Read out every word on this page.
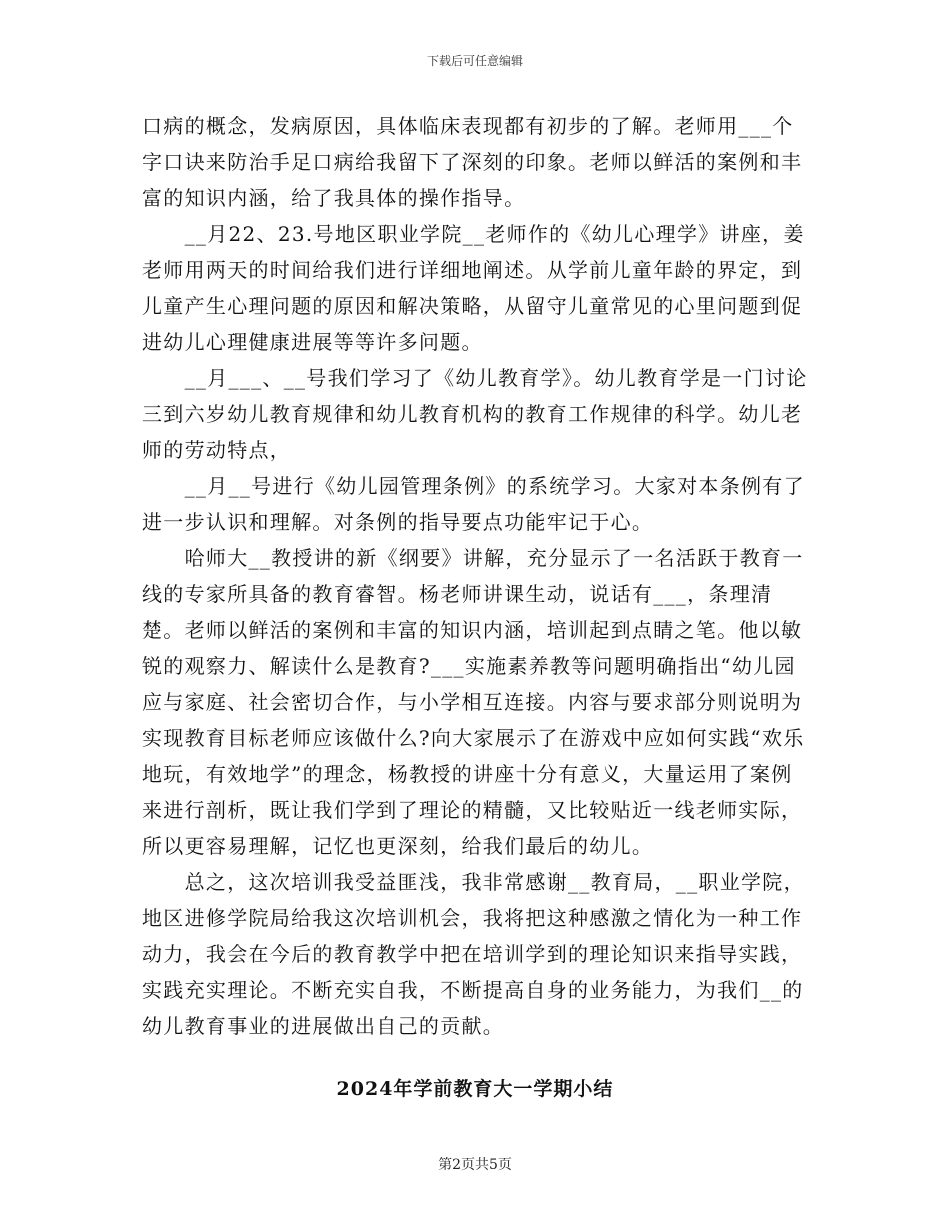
下载后可任意编辑

口病的概念，发病原因，具体临床表现都有初步的了解。老师用___个字口诀来防治手足口病给我留下了深刻的印象。老师以鲜活的案例和丰富的知识内涵，给了我具体的操作指导。

　　__月22、23.号地区职业学院__老师作的《幼儿心理学》讲座，姜老师用两天的时间给我们进行详细地阐述。从学前儿童年龄的界定，到儿童产生心理问题的原因和解决策略，从留守儿童常见的心里问题到促进幼儿心理健康进展等等许多问题。

　　__月___、__号我们学习了《幼儿教育学》。幼儿教育学是一门讨论三到六岁幼儿教育规律和幼儿教育机构的教育工作规律的科学。幼儿老师的劳动特点，

　　__月__号进行《幼儿园管理条例》的系统学习。大家对本条例有了进一步认识和理解。对条例的指导要点功能牢记于心。

　　哈师大__教授讲的新《纲要》讲解，充分显示了一名活跃于教育一线的专家所具备的教育睿智。杨老师讲课生动，说话有___，条理清楚。老师以鲜活的案例和丰富的知识内涵，培训起到点睛之笔。他以敏锐的观察力、解读什么是教育?___实施素养教等问题明确指出“幼儿园应与家庭、社会密切合作，与小学相互连接。内容与要求部分则说明为实现教育目标老师应该做什么?向大家展示了在游戏中应如何实践“欢乐地玩，有效地学”的理念，杨教授的讲座十分有意义，大量运用了案例来进行剖析，既让我们学到了理论的精髓，又比较贴近一线老师实际，所以更容易理解，记忆也更深刻，给我们最后的幼儿。

　　总之，这次培训我受益匪浅，我非常感谢__教育局，__职业学院，地区进修学院局给我这次培训机会，我将把这种感激之情化为一种工作动力，我会在今后的教育教学中把在培训学到的理论知识来指导实践，实践充实理论。不断充实自我，不断提高自身的业务能力，为我们__的幼儿教育事业的进展做出自己的贡献。

2024年学前教育大一学期小结
第2页共5页
